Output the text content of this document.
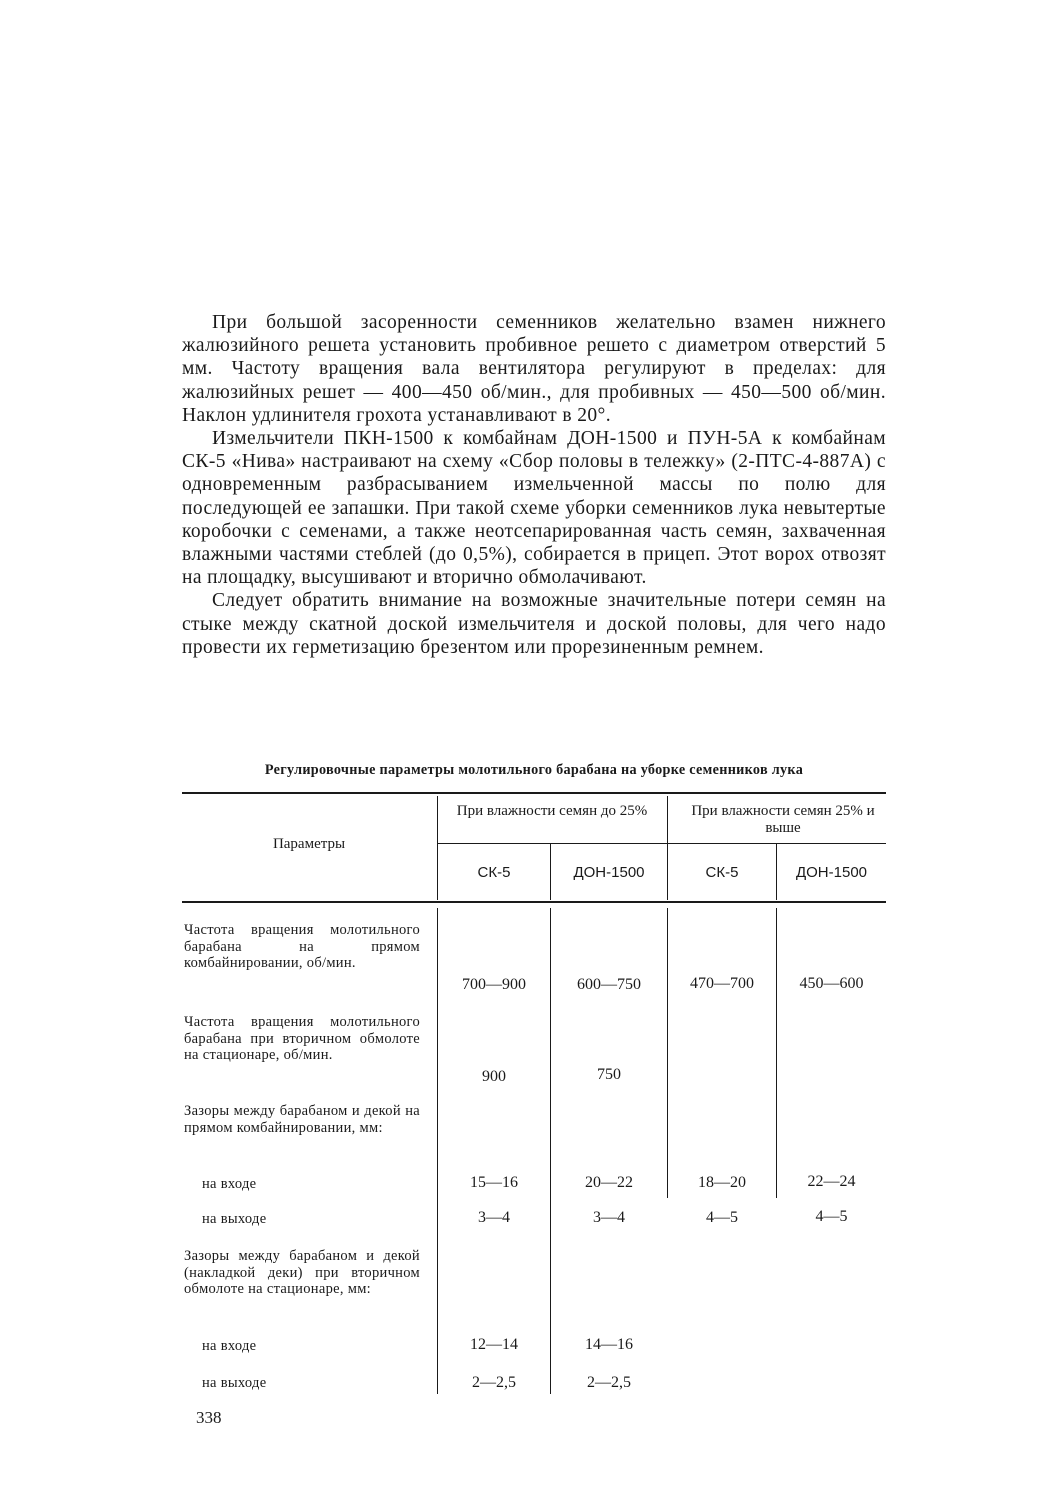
При большой засоренности семенников желательно взамен нижнего жалюзийного решета установить пробивное решето с диаметром отверстий 5 мм. Частоту вращения вала вентилятора регулируют в пределах: для жалюзийных решет — 400—450 об/мин., для пробивных — 450—500 об/мин. Наклон удлинителя грохота устанавливают в 20°.

Измельчители ПКН-1500 к комбайнам ДОН-1500 и ПУН-5А к комбайнам СК-5 «Нива» настраивают на схему «Сбор половы в тележку» (2-ПТС-4-887А) с одновременным разбрасыванием измельченной массы по полю для последующей ее запашки. При такой схеме уборки семенников лука невытертые коробочки с семенами, а также неотсепарированная часть семян, захваченная влажными частями стеблей (до 0,5%), собирается в прицеп. Этот ворох отвозят на площадку, высушивают и вторично обмолачивают.

Следует обратить внимание на возможные значительные потери семян на стыке между скатной доской измельчителя и доской половы, для чего надо провести их герметизацию брезентом или прорезиненным ремнем.

Регулировочные параметры молотильного барабана на уборке семенников лука
Параметры
При влажности семян до 25%	При влажности семян 25% и выше
СК-5	ДОН-1500	СК-5	ДОН-1500
Частота вращения молотильного барабана на прямом комбайнировании, об/мин.
700—900	600—750	470—700	450—600
Частота вращения молотильного барабана при вторичном обмолоте на стационаре, об/мин.
900	750
Зазоры между барабаном и декой на прямом комбайнировании, мм:
на входе	15—16	20—22	18—20	22—24
на выходе	3—4	3—4	4—5	4—5
Зазоры между барабаном и декой (накладкой деки) при вторичном обмолоте на стационаре, мм:
на входе	12—14	14—16
на выходе	2—2,5	2—2,5
338
